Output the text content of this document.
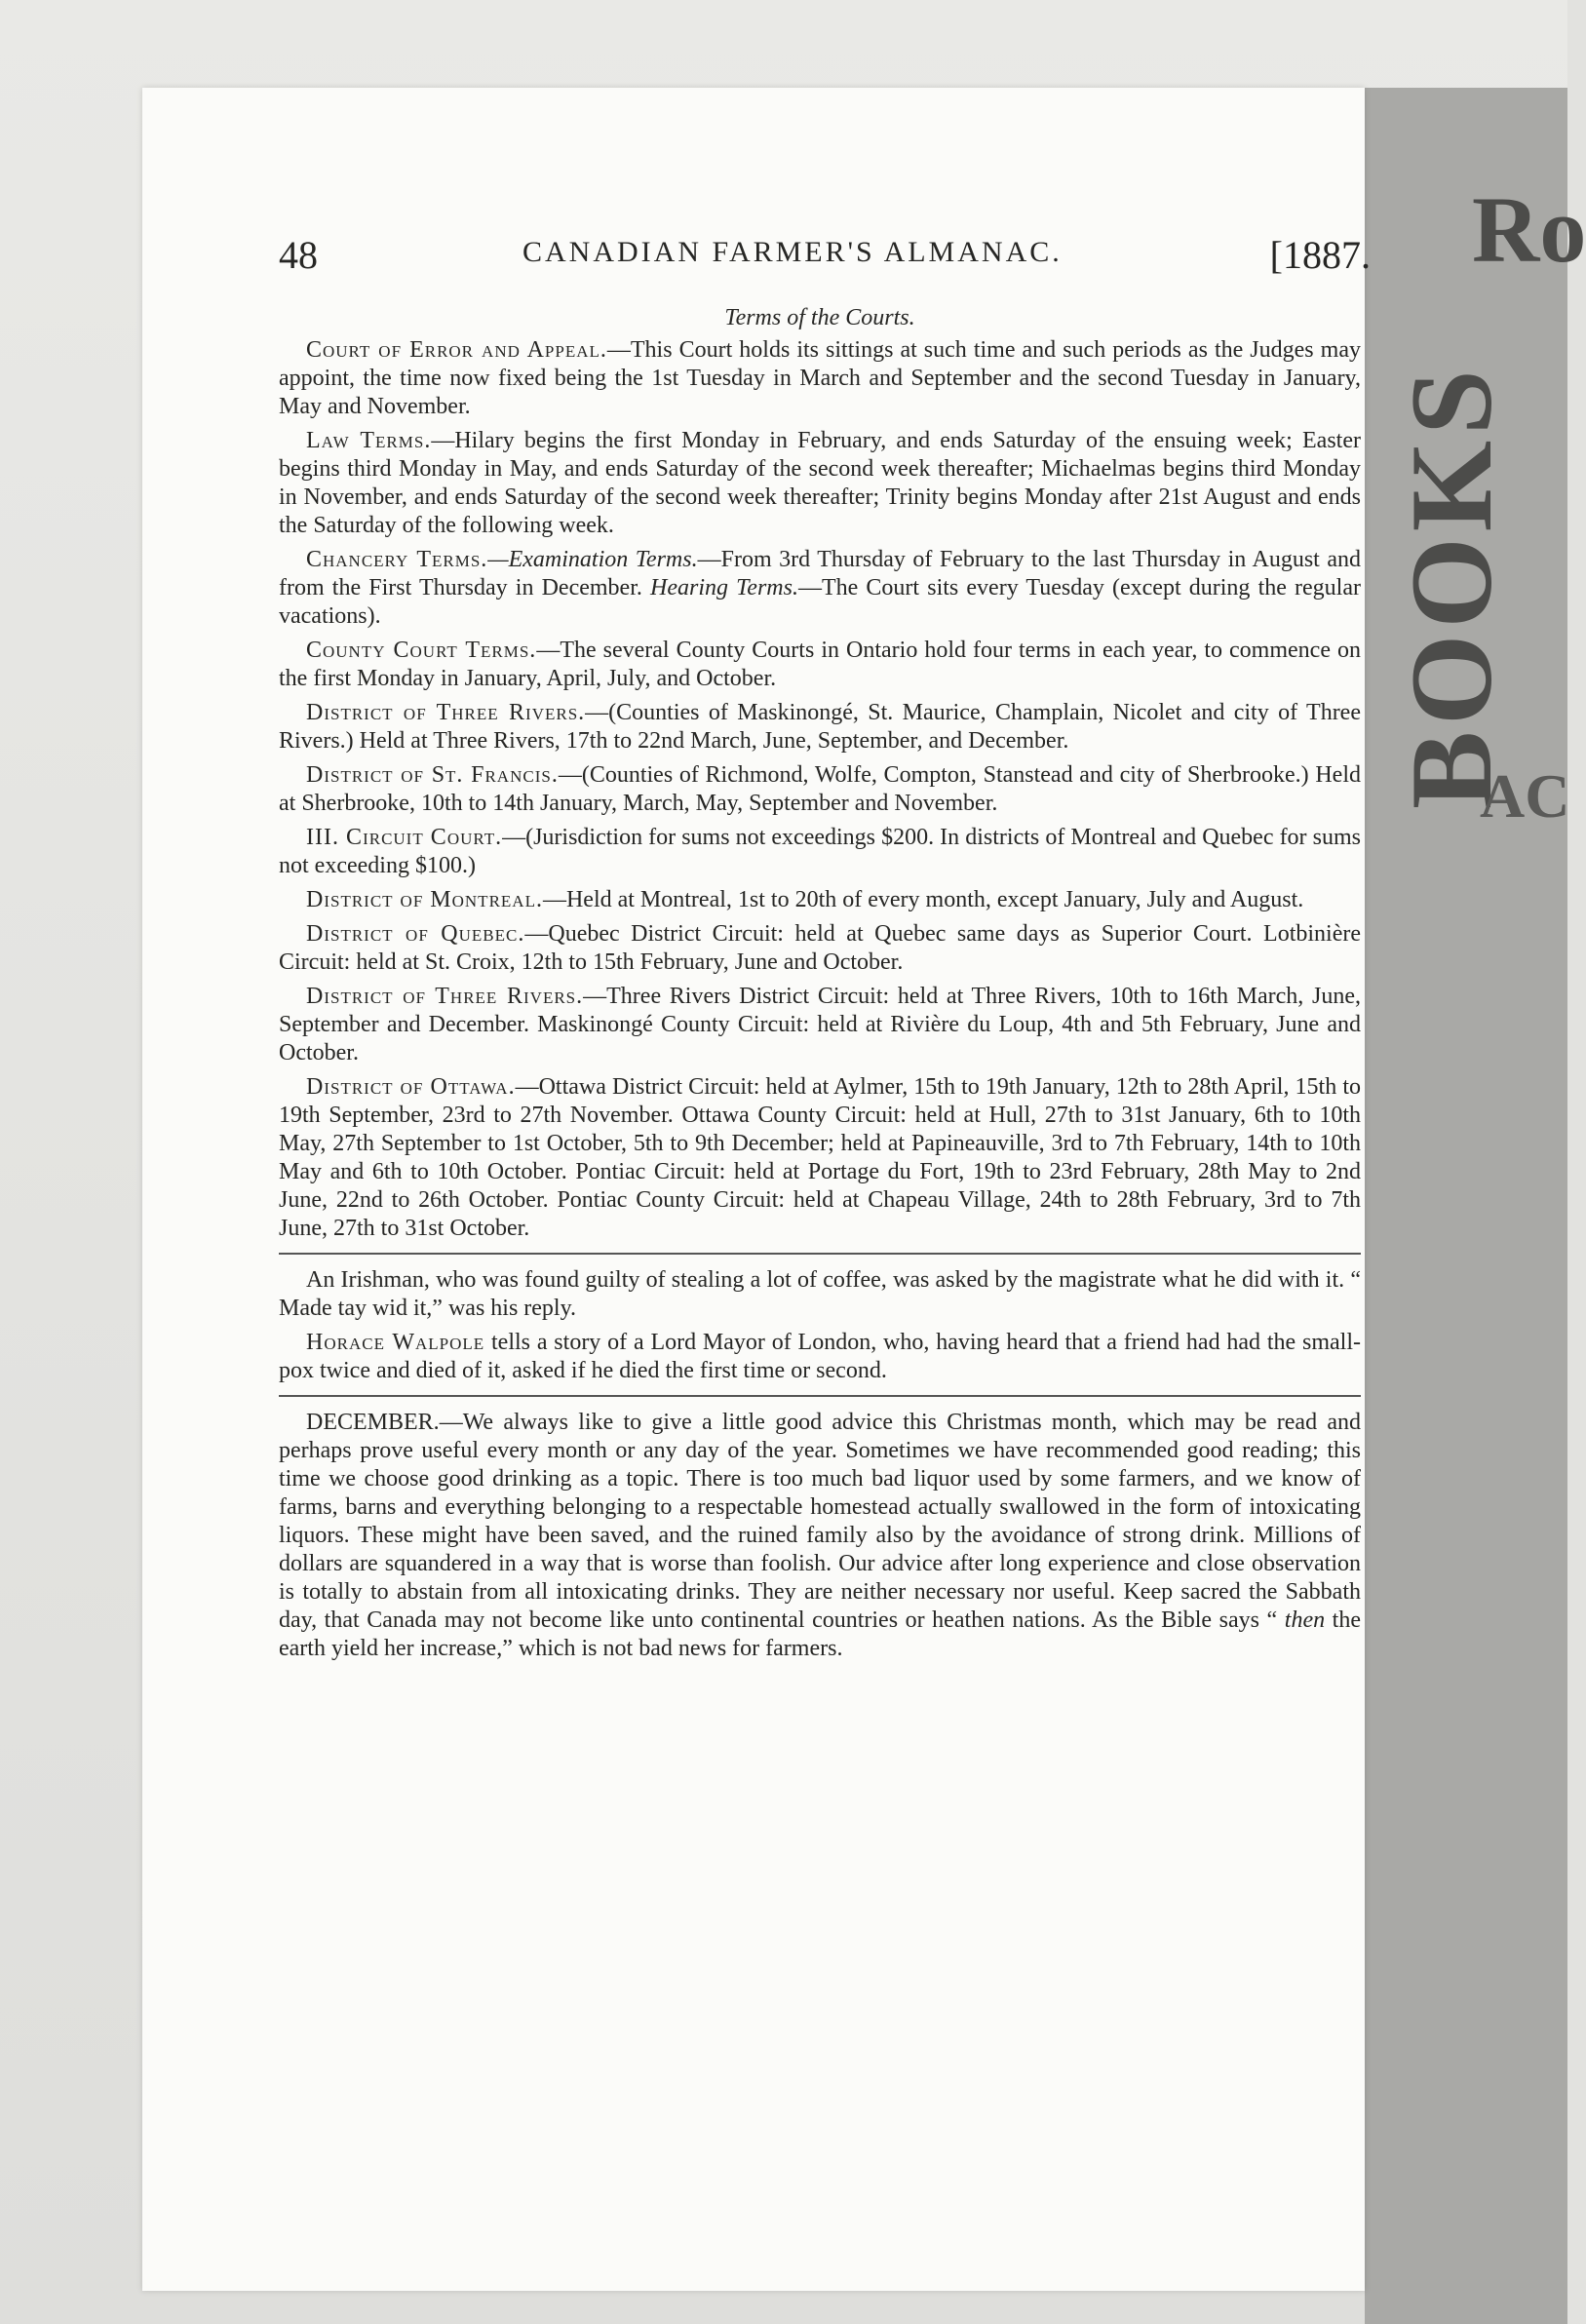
Ro
BOOKS
AC
48	CANADIAN FARMER'S ALMANAC.	[1887.
Terms of the Courts.

Court of Error and Appeal.—This Court holds its sittings at such time and such periods as the Judges may appoint, the time now fixed being the 1st Tuesday in March and September and the second Tuesday in January, May and November.

Law Terms.—Hilary begins the first Monday in February, and ends Saturday of the ensuing week; Easter begins third Monday in May, and ends Saturday of the second week thereafter; Michaelmas begins third Monday in November, and ends Saturday of the second week thereafter; Trinity begins Monday after 21st August and ends the Saturday of the following week.

Chancery Terms.—Examination Terms.—From 3rd Thursday of February to the last Thursday in August and from the First Thursday in December. Hearing Terms.—The Court sits every Tuesday (except during the regular vacations).

County Court Terms.—The several County Courts in Ontario hold four terms in each year, to commence on the first Monday in January, April, July, and October.

District of Three Rivers.—(Counties of Maskinongé, St. Maurice, Champlain, Nicolet and city of Three Rivers.) Held at Three Rivers, 17th to 22nd March, June, September, and December.

District of St. Francis.—(Counties of Richmond, Wolfe, Compton, Stanstead and city of Sherbrooke.) Held at Sherbrooke, 10th to 14th January, March, May, September and November.

III. Circuit Court.—(Jurisdiction for sums not exceedings $200. In districts of Montreal and Quebec for sums not exceeding $100.)

District of Montreal.—Held at Montreal, 1st to 20th of every month, except January, July and August.

District of Quebec.—Quebec District Circuit: held at Quebec same days as Superior Court. Lotbinière Circuit: held at St. Croix, 12th to 15th February, June and October.

District of Three Rivers.—Three Rivers District Circuit: held at Three Rivers, 10th to 16th March, June, September and December. Maskinongé County Circuit: held at Rivière du Loup, 4th and 5th February, June and October.

District of Ottawa.—Ottawa District Circuit: held at Aylmer, 15th to 19th January, 12th to 28th April, 15th to 19th September, 23rd to 27th November. Ottawa County Circuit: held at Hull, 27th to 31st January, 6th to 10th May, 27th September to 1st October, 5th to 9th December; held at Papineauville, 3rd to 7th February, 14th to 10th May and 6th to 10th October. Pontiac Circuit: held at Portage du Fort, 19th to 23rd February, 28th May to 2nd June, 22nd to 26th October. Pontiac County Circuit: held at Chapeau Village, 24th to 28th February, 3rd to 7th June, 27th to 31st October.

An Irishman, who was found guilty of stealing a lot of coffee, was asked by the magistrate what he did with it. “ Made tay wid it,” was his reply.

Horace Walpole tells a story of a Lord Mayor of London, who, having heard that a friend had had the small-pox twice and died of it, asked if he died the first time or second.

DECEMBER.—We always like to give a little good advice this Christmas month, which may be read and perhaps prove useful every month or any day of the year. Sometimes we have recommended good reading; this time we choose good drinking as a topic. There is too much bad liquor used by some farmers, and we know of farms, barns and everything belonging to a respectable homestead actually swallowed in the form of intoxicating liquors. These might have been saved, and the ruined family also by the avoidance of strong drink. Millions of dollars are squandered in a way that is worse than foolish. Our advice after long experience and close observation is totally to abstain from all intoxicating drinks. They are neither necessary nor useful. Keep sacred the Sabbath day, that Canada may not become like unto continental countries or heathen nations. As the Bible says “ then the earth yield her increase,” which is not bad news for farmers.
